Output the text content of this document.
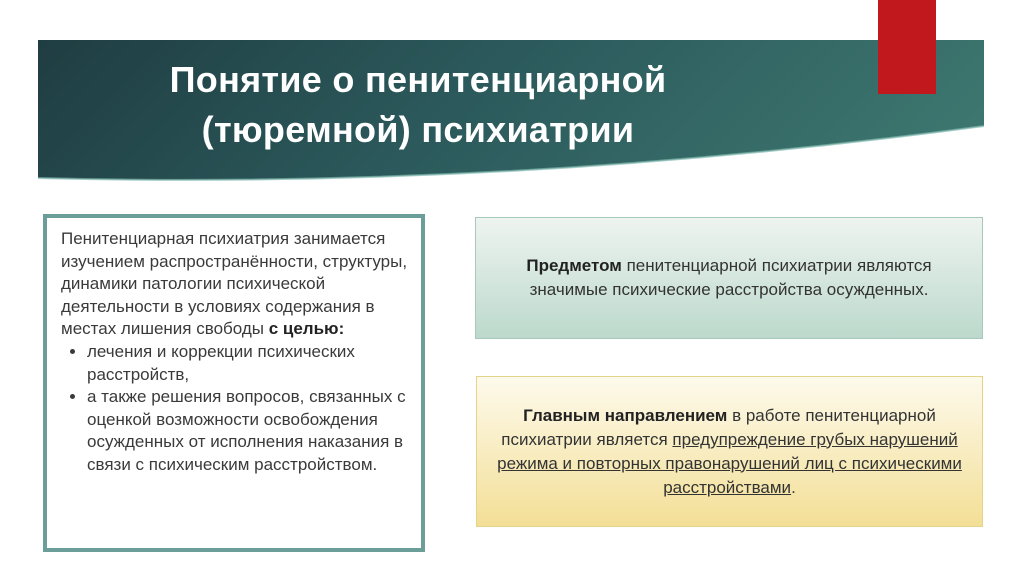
Понятие о пенитенциарной
(тюремной) психиатрии
Пенитенциарная психиатрия занимается изучением распространённости, структуры, динамики патологии психической деятельности в условиях содержания в местах лишения свободы с целью:
• лечения и коррекции психических расстройств,
• а также решения вопросов, связанных с оценкой возможности освобождения осужденных от исполнения наказания в связи с психическим расстройством.
Предметом пенитенциарной психиатрии являются значимые психические расстройства осужденных.
Главным направлением в работе пенитенциарной психиатрии является предупреждение грубых нарушений режима и повторных правонарушений лиц с психическими расстройствами.
